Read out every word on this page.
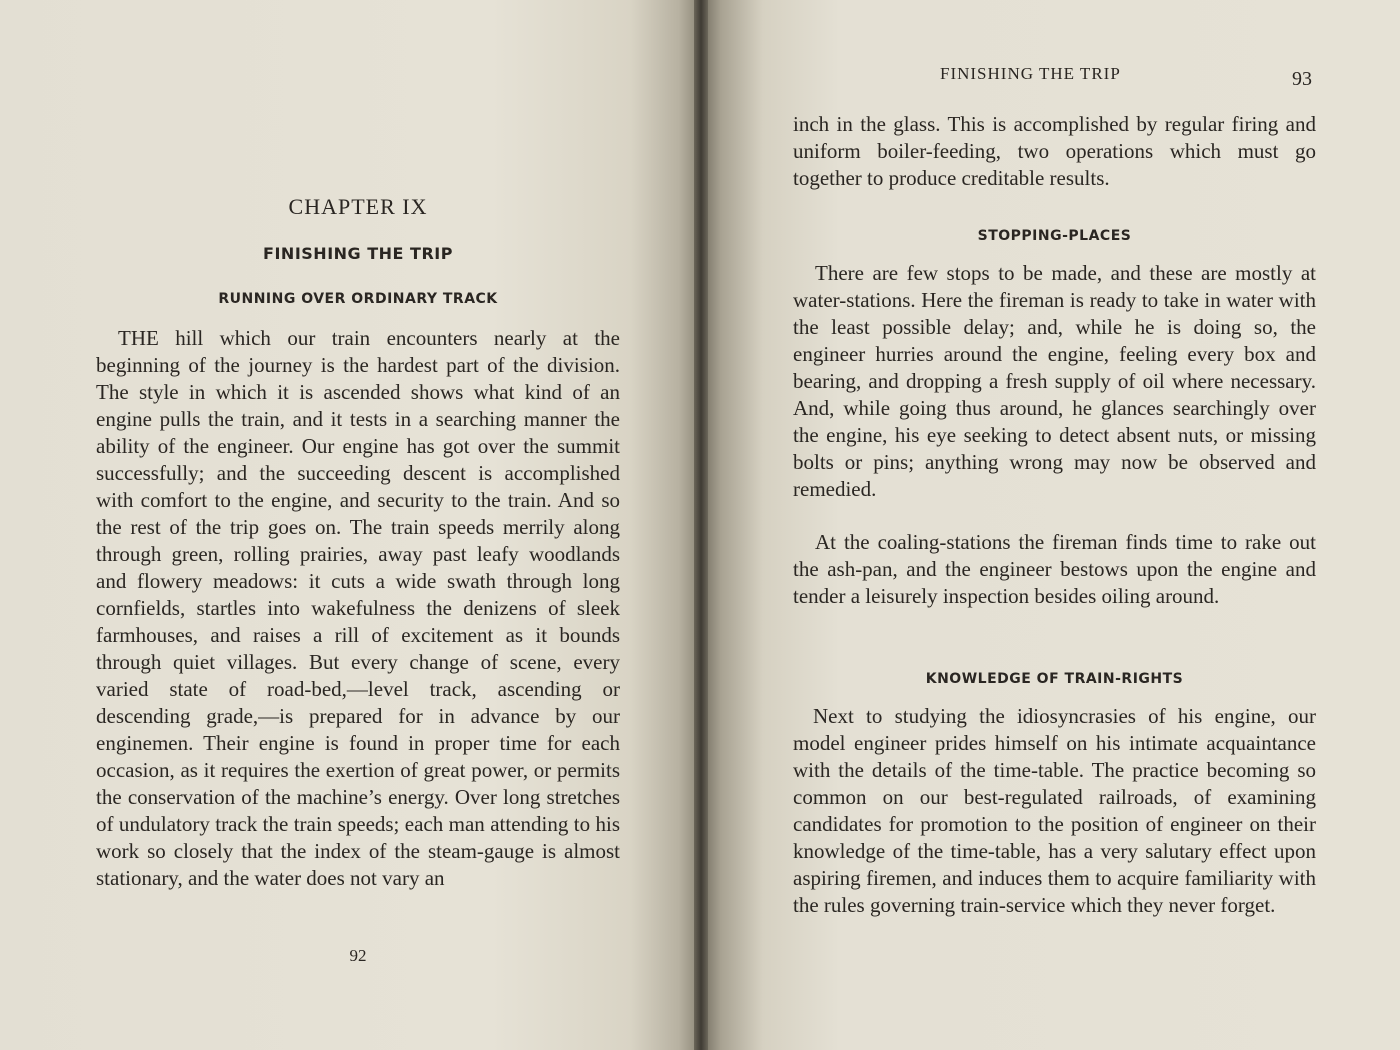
CHAPTER IX
FINISHING THE TRIP
RUNNING OVER ORDINARY TRACK

THE hill which our train encounters nearly at the beginning of the journey is the hardest part of the division. The style in which it is ascended shows what kind of an engine pulls the train, and it tests in a searching manner the ability of the engineer. Our engine has got over the summit successfully; and the succeeding descent is accomplished with comfort to the engine, and security to the train. And so the rest of the trip goes on. The train speeds merrily along through green, rolling prairies, away past leafy woodlands and flowery meadows: it cuts a wide swath through long cornfields, startles into wakefulness the denizens of sleek farmhouses, and raises a rill of excitement as it bounds through quiet villages. But every change of scene, every varied state of road-bed,—level track, ascending or descending grade,—is prepared for in advance by our enginemen. Their engine is found in proper time for each occasion, as it requires the exertion of great power, or permits the conservation of the machine’s energy. Over long stretches of undulatory track the train speeds; each man attending to his work so closely that the index of the steam-gauge is almost stationary, and the water does not vary an

92
FINISHING THE TRIP	93

inch in the glass. This is accomplished by regular firing and uniform boiler-feeding, two operations which must go together to produce creditable results.

STOPPING-PLACES

There are few stops to be made, and these are mostly at water-stations. Here the fireman is ready to take in water with the least possible delay; and, while he is doing so, the engineer hurries around the engine, feeling every box and bearing, and dropping a fresh supply of oil where necessary. And, while going thus around, he glances searchingly over the engine, his eye seeking to detect absent nuts, or missing bolts or pins; anything wrong may now be observed and remedied.

At the coaling-stations the fireman finds time to rake out the ash-pan, and the engineer bestows upon the engine and tender a leisurely inspection besides oiling around.

KNOWLEDGE OF TRAIN-RIGHTS

Next to studying the idiosyncrasies of his engine, our model engineer prides himself on his intimate acquaintance with the details of the time-table. The practice becoming so common on our best-regulated railroads, of examining candidates for promotion to the position of engineer on their knowledge of the time-table, has a very salutary effect upon aspiring firemen, and induces them to acquire familiarity with the rules governing train-service which they never forget.
